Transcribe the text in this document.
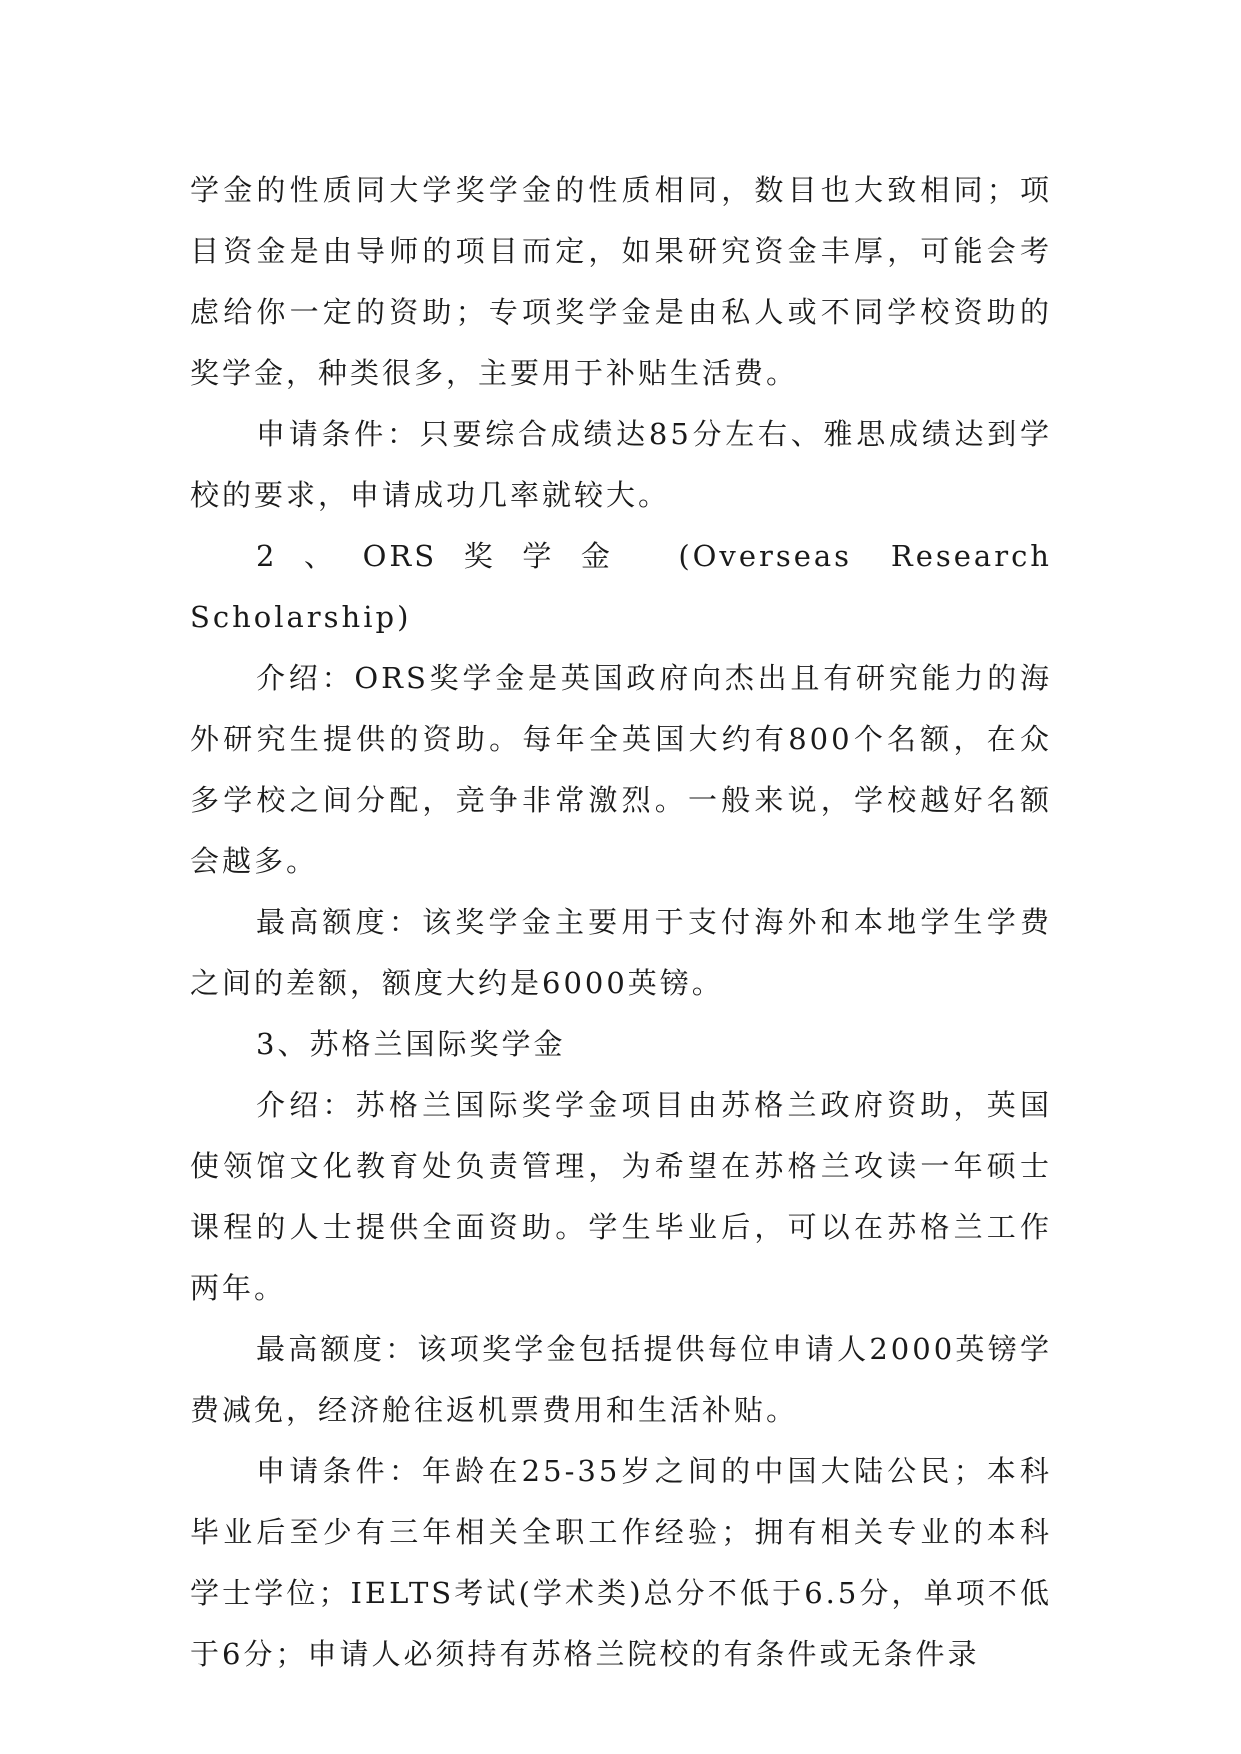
学金的性质同大学奖学金的性质相同，数目也大致相同；项目资金是由导师的项目而定，如果研究资金丰厚，可能会考虑给你一定的资助；专项奖学金是由私人或不同学校资助的奖学金，种类很多，主要用于补贴生活费。

申请条件：只要综合成绩达85分左右、雅思成绩达到学校的要求，申请成功几率就较大。

2、ORS奖学金 (Overseas Research Scholarship)

介绍：ORS奖学金是英国政府向杰出且有研究能力的海外研究生提供的资助。每年全英国大约有800个名额，在众多学校之间分配，竞争非常激烈。一般来说，学校越好名额会越多。

最高额度：该奖学金主要用于支付海外和本地学生学费之间的差额，额度大约是6000英镑。

3、苏格兰国际奖学金

介绍：苏格兰国际奖学金项目由苏格兰政府资助，英国使领馆文化教育处负责管理，为希望在苏格兰攻读一年硕士课程的人士提供全面资助。学生毕业后，可以在苏格兰工作两年。

最高额度：该项奖学金包括提供每位申请人2000英镑学费减免，经济舱往返机票费用和生活补贴。

申请条件：年龄在25-35岁之间的中国大陆公民；本科毕业后至少有三年相关全职工作经验；拥有相关专业的本科学士学位；IELTS考试(学术类)总分不低于6.5分，单项不低于6分；申请人必须持有苏格兰院校的有条件或无条件录
